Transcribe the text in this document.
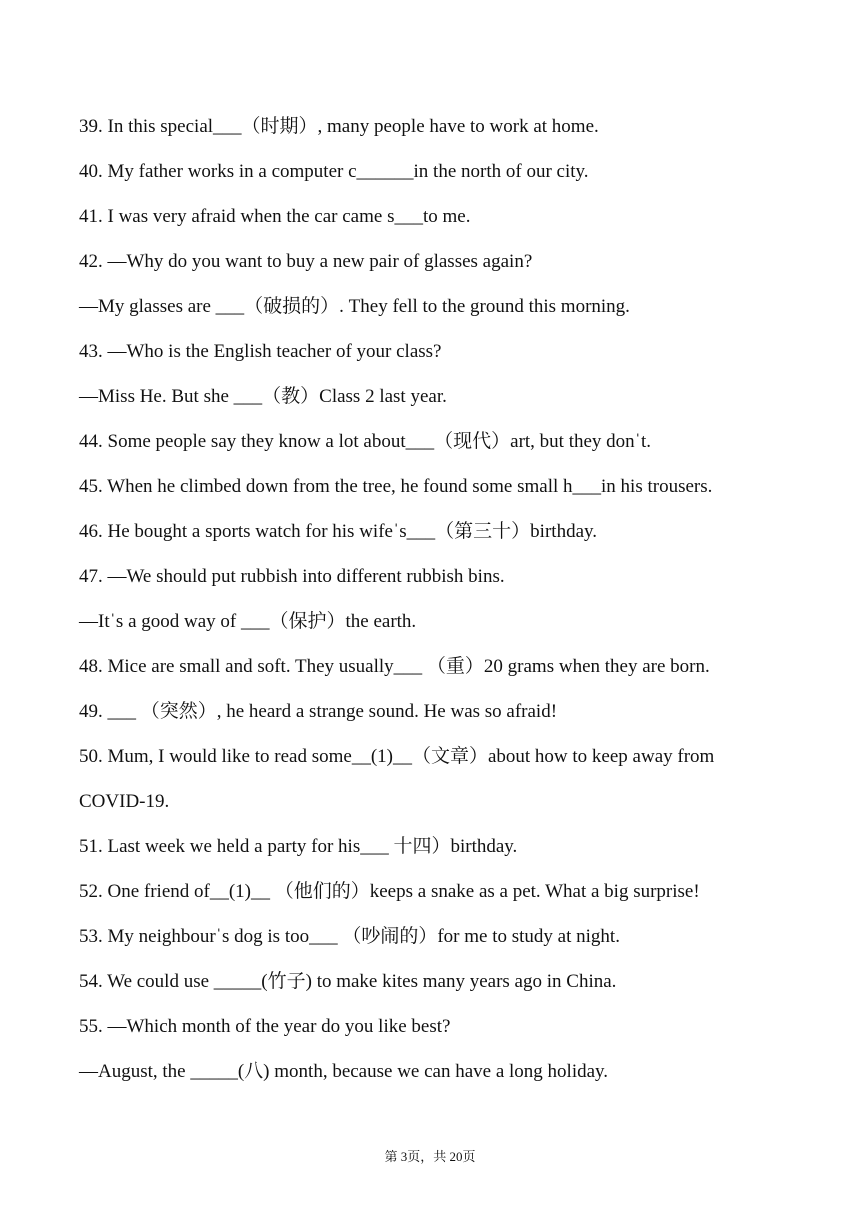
39. In this special___（时期）, many people have to work at home.
40. My father works in a computer c______in the north of our city.
41. I was very afraid when the car came s___to me.
42. —Why do you want to buy a new pair of glasses again?
—My glasses are ___（破损的）. They fell to the ground this morning.
43. —Who is the English teacher of your class?
—Miss He. But she ___（教）Class 2 last year.
44. Some people say they know a lot about___（现代）art, but they donˈt.
45. When he climbed down from the tree, he found some small h___in his trousers.
46. He bought a sports watch for his wifeˈs___（第三十）birthday.
47. —We should put rubbish into different rubbish bins.
—Itˈs a good way of ___（保护）the earth.
48. Mice are small and soft. They usually___ （重）20 grams when they are born.
49. ___ （突然）, he heard a strange sound. He was so afraid!
50. Mum, I would like to read some__(1)__（文章）about how to keep away from
COVID-19.
51. Last week we held a party for his___ 十四）birthday.
52. One friend of__(1)__ （他们的）keeps a snake as a pet. What a big surprise!
53. My neighbourˈs dog is too___ （吵闹的）for me to study at night.
54. We could use _____(竹子) to make kites many years ago in China.
55. —Which month of the year do you like best?
—August, the _____(八) month, because we can have a long holiday.
第 3页，共 20页
